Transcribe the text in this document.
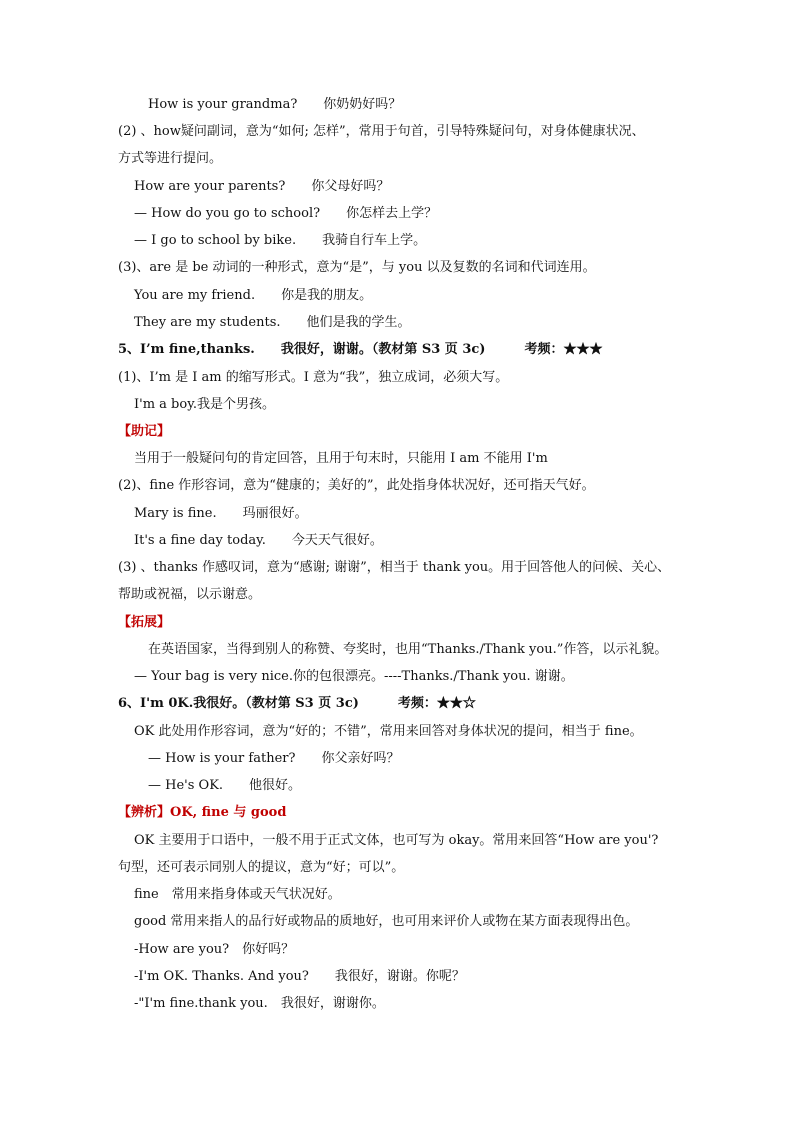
How is your grandma?　　你奶奶好吗？
(2) 、how疑问副词，意为“如何; 怎样”，常用于句首，引导特殊疑问句，对身体健康状况、
方式等进行提问。
How are your parents?　　你父母好吗？
— How do you go to school?　　你怎样去上学？
— I go to school by bike.　　我骑自行车上学。
(3)、are 是 be 动词的一种形式，意为“是”，与 you 以及复数的名词和代词连用。
You are my friend.　　你是我的朋友。
They are my students.　　他们是我的学生。
5、I’m fine,thanks.　　我很好，谢谢。（教材第 S3 页 3c)　　　考频：★★★
(1)、I’m 是 I am 的缩写形式。I 意为“我”，独立成词，必须大写。
I'm a boy.我是个男孩。
【助记】
当用于一般疑问句的肯定回答，且用于句末时，只能用 I am 不能用 I'm
(2)、fine 作形容词，意为“健康的；美好的”，此处指身体状况好，还可指天气好。
Mary is fine.　　玛丽很好。
It's a fine day today.　　今天天气很好。
(3) 、thanks 作感叹词，意为“感谢; 谢谢”，相当于 thank you。用于回答他人的问候、关心、
帮助或祝福，以示谢意。
【拓展】
在英语国家，当得到别人的称赞、夸奖时，也用“Thanks./Thank you.”作答，以示礼貌。
— Your bag is very nice.你的包很漂亮。----Thanks./Thank you. 谢谢。
6、I'm 0K.我很好。（教材第 S3 页 3c)　　　考频：★★☆
OK 此处用作形容词，意为“好的；不错”，常用来回答对身体状况的提问，相当于 fine。
— How is your father?　　你父亲好吗？
— He's OK.　　他很好。
【辨析】OK, fine 与 good
OK 主要用于口语中，一般不用于正式文体，也可写为 okay。常用来回答“How are you'?
句型，还可表示同别人的提议，意为“好；可以”。
fine　常用来指身体或天气状况好。
good 常用来指人的品行好或物品的质地好，也可用来评价人或物在某方面表现得出色。
-How are you?　你好吗？
-I'm OK. Thanks. And you?　　我很好，谢谢。你呢？
-"I'm fine.thank you.　我很好，谢谢你。
